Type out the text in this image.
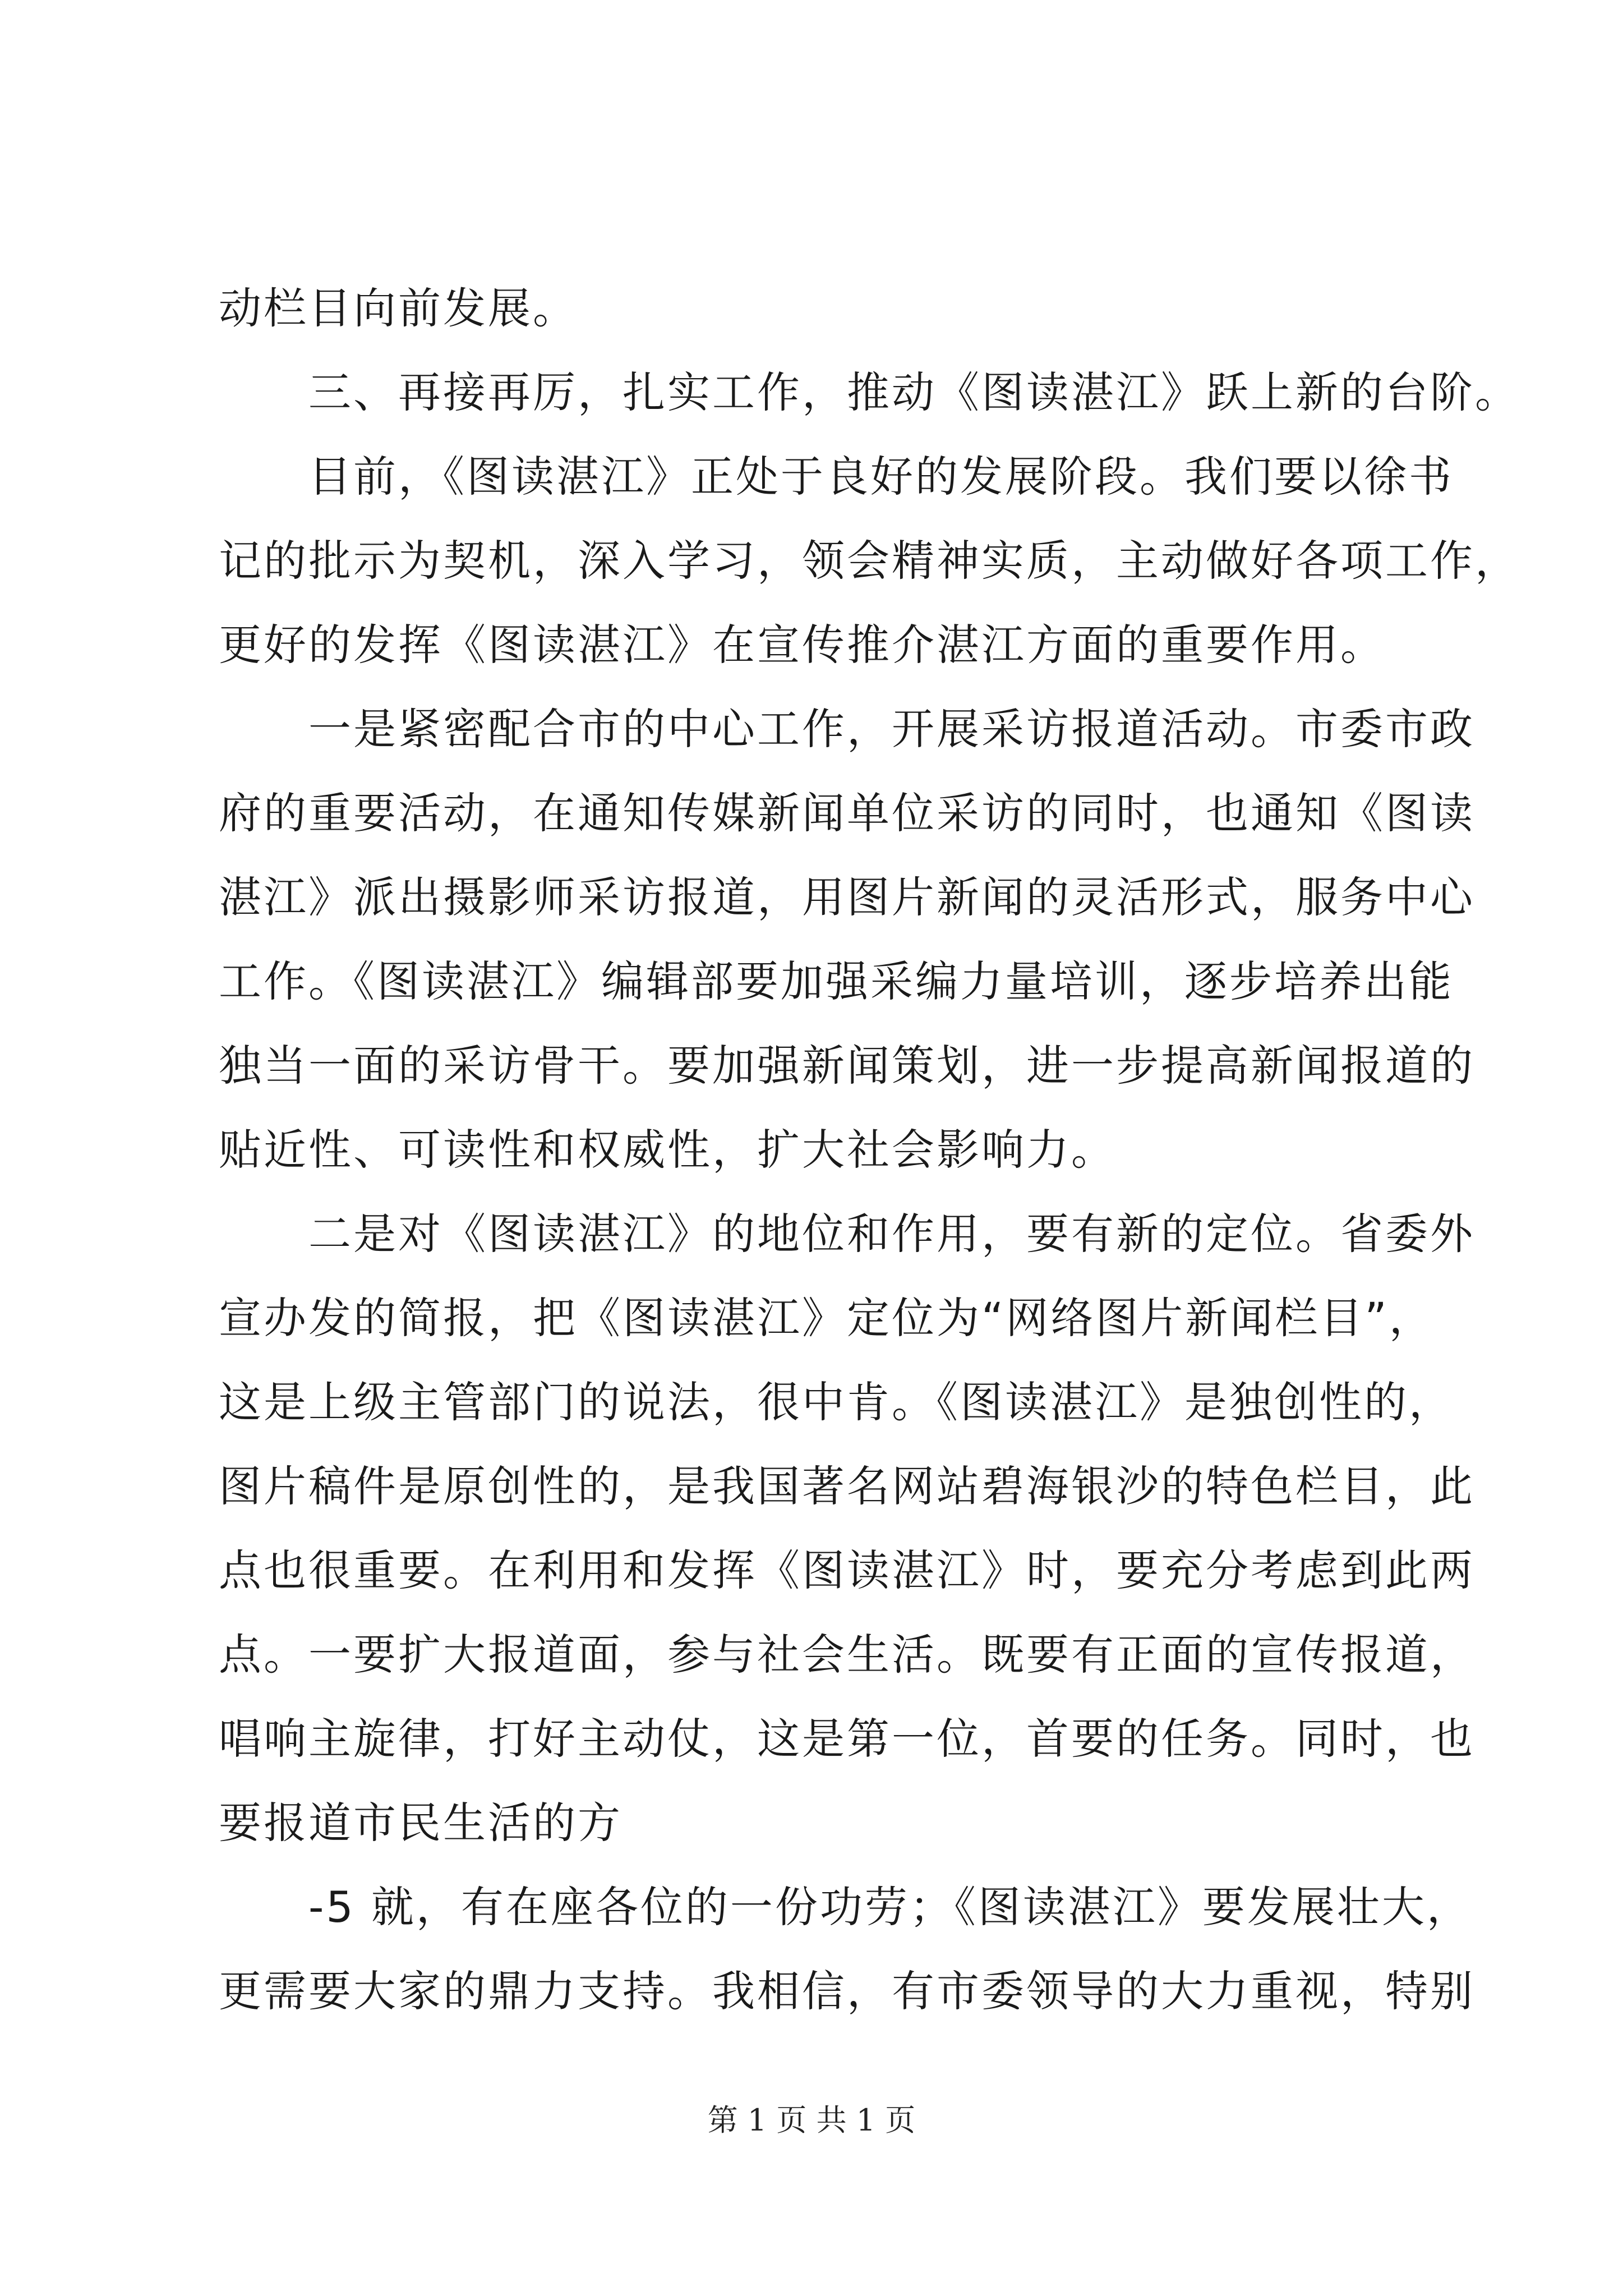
动栏目向前发展。
　　三、再接再厉，扎实工作，推动《图读湛江》跃上新的台阶。
　　目前，《图读湛江》正处于良好的发展阶段。我们要以徐书
记的批示为契机，深入学习，领会精神实质，主动做好各项工作，
更好的发挥《图读湛江》在宣传推介湛江方面的重要作用。
　　一是紧密配合市的中心工作，开展采访报道活动。市委市政
府的重要活动，在通知传媒新闻单位采访的同时，也通知《图读
湛江》派出摄影师采访报道，用图片新闻的灵活形式，服务中心
工作。《图读湛江》编辑部要加强采编力量培训，逐步培养出能
独当一面的采访骨干。要加强新闻策划，进一步提高新闻报道的
贴近性、可读性和权威性，扩大社会影响力。
　　二是对《图读湛江》的地位和作用，要有新的定位。省委外
宣办发的简报，把《图读湛江》定位为“网络图片新闻栏目”，
这是上级主管部门的说法，很中肯。《图读湛江》是独创性的，
图片稿件是原创性的，是我国著名网站碧海银沙的特色栏目，此
点也很重要。在利用和发挥《图读湛江》时，要充分考虑到此两
点。一要扩大报道面，参与社会生活。既要有正面的宣传报道，
唱响主旋律，打好主动仗，这是第一位，首要的任务。同时，也
要报道市民生活的方
　　-5 就，有在座各位的一份功劳；《图读湛江》要发展壮大，
更需要大家的鼎力支持。我相信，有市委领导的大力重视，特别
第 1 页 共 1 页
